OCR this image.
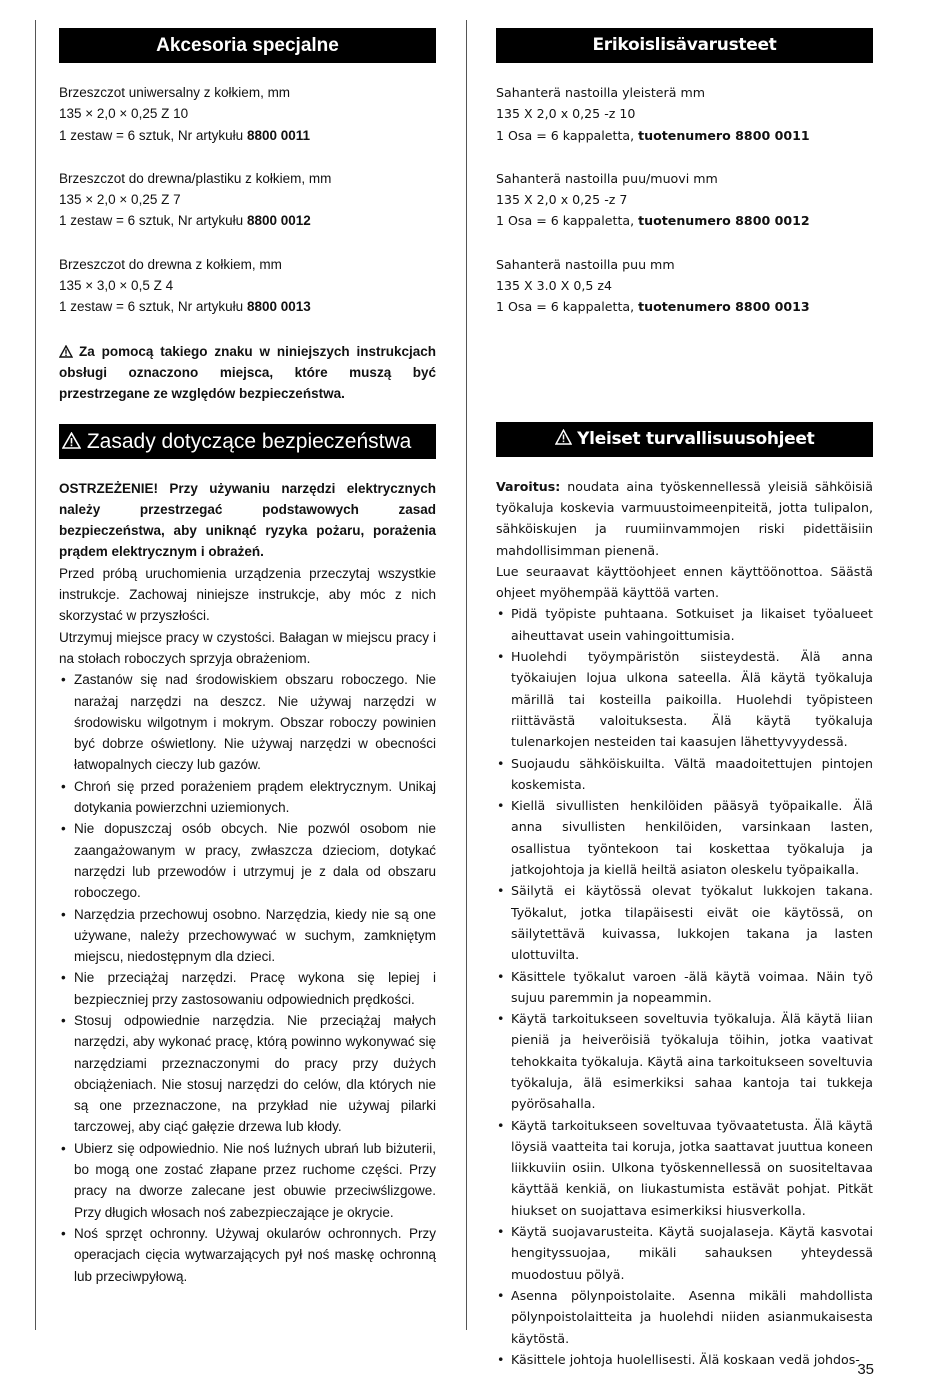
Akcesoria specjalne

Brzeszczot uniwersalny z kołkiem, mm

135 × 2,0 × 0,25 Z 10

1 zestaw = 6 sztuk, Nr artykułu 8800 0011

Brzeszczot do drewna/plastiku z kołkiem, mm

135 × 2,0 × 0,25 Z 7

1 zestaw = 6 sztuk, Nr artykułu 8800 0012

Brzeszczot do drewna z kołkiem, mm

135 × 3,0 × 0,5 Z 4

1 zestaw = 6 sztuk, Nr artykułu 8800 0013

Za pomocą takiego znaku w niniejszych instrukcjach obsługi oznaczono miejsca, które muszą być przestrzegane ze względów bezpieczeństwa.

Zasady dotyczące bezpieczeństwa

OSTRZEŻENIE! Przy używaniu narzędzi elektrycznych należy przestrzegać podstawowych zasad bezpieczeństwa, aby uniknąć ryzyka pożaru, porażenia prądem elektrycznym i obrażeń.

Przed próbą uruchomienia urządzenia przeczytaj wszystkie instrukcje. Zachowaj niniejsze instrukcje, aby móc z nich skorzystać w przyszłości.

Utrzymuj miejsce pracy w czystości. Bałagan w miejscu pracy i na stołach roboczych sprzyja obrażeniom.

• Zastanów się nad środowiskiem obszaru roboczego. Nie narażaj narzędzi na deszcz. Nie używaj narzędzi w środowisku wilgotnym i mokrym. Obszar roboczy powinien być dobrze oświetlony. Nie używaj narzędzi w obecności łatwopalnych cieczy lub gazów.
• Chroń się przed porażeniem prądem elektrycznym. Unikaj dotykania powierzchni uziemionych.
• Nie dopuszczaj osób obcych. Nie pozwól osobom nie zaangażowanym w pracy, zwłaszcza dzieciom, dotykać narzędzi lub przewodów i utrzymuj je z dala od obszaru roboczego.
• Narzędzia przechowuj osobno. Narzędzia, kiedy nie są one używane, należy przechowywać w suchym, zamkniętym miejscu, niedostępnym dla dzieci.
• Nie przeciążaj narzędzi. Pracę wykona się lepiej i bezpieczniej przy zastosowaniu odpowiednich prędkości.
• Stosuj odpowiednie narzędzia. Nie przeciążaj małych narzędzi, aby wykonać pracę, którą powinno wykonywać się narzędziami przeznaczonymi do pracy przy dużych obciążeniach. Nie stosuj narzędzi do celów, dla których nie są one przeznaczone, na przykład nie używaj pilarki tarczowej, aby ciąć gałęzie drzewa lub kłody.
• Ubierz się odpowiednio. Nie noś luźnych ubrań lub biżuterii, bo mogą one zostać złapane przez ruchome części. Przy pracy na dworze zalecane jest obuwie przeciwślizgowe. Przy długich włosach noś zabezpieczające je okrycie.
• Noś sprzęt ochronny. Używaj okularów ochronnych. Przy operacjach cięcia wytwarzających pył noś maskę ochronną lub przeciwpyłową.
Erikoislisävarusteet

Sahanterä nastoilla yleisterä mm

135 X 2,0 x 0,25 -z 10

1 Osa = 6 kappaletta, tuotenumero 8800 0011

Sahanterä nastoilla puu/muovi mm

135 X 2,0 x 0,25 -z 7

1 Osa = 6 kappaletta, tuotenumero 8800 0012

Sahanterä nastoilla puu mm

135 X 3.0 X 0,5 z4

1 Osa = 6 kappaletta, tuotenumero 8800 0013

Yleiset turvallisuusohjeet

Varoitus: noudata aina työskennellessä yleisiä sähköisiä työkaluja koskevia varmuustoimeenpiteitä, jotta tulipalon, sähköiskujen ja ruumiinvammojen riski pidettäisiin mahdollisimman pienenä.

Lue seuraavat käyttöohjeet ennen käyttöönottoa. Säästä ohjeet myöhempää käyttöä varten.

• Pidä työpiste puhtaana. Sotkuiset ja likaiset työalueet aiheuttavat usein vahingoittumisia.
• Huolehdi työympäristön siisteydestä. Älä anna työkaiujen lojua ulkona sateella. Älä käytä työkaluja märillä tai kosteilla paikoilla. Huolehdi työpisteen riittävästä valoituksesta. Älä käytä työkaluja tulenarkojen nesteiden tai kaasujen lähettyvyydessä.
• Suojaudu sähköiskuilta. Vältä maadoitettujen pintojen koskemista.
• Kiellä sivullisten henkilöiden pääsyä työpaikalle. Älä anna sivullisten henkilöiden, varsinkaan lasten, osallistua työntekoon tai koskettaa työkaluja ja jatkojohtoja ja kiellä heiltä asiaton oleskelu työpaikalla.
• Säilytä ei käytössä olevat työkalut lukkojen takana. Työkalut, jotka tilapäisesti eivät oie käytössä, on säilytettävä kuivassa, lukkojen takana ja lasten ulottuvilta.
• Käsittele työkalut varoen -älä käytä voimaa. Näin työ sujuu paremmin ja nopeammin.
• Käytä tarkoitukseen soveltuvia työkaluja. Älä käytä liian pieniä ja heiveröisiä työkaluja töihin, jotka vaativat tehokkaita työkaluja. Käytä aina tarkoitukseen soveltuvia työkaluja, älä esimerkiksi sahaa kantoja tai tukkeja pyörösahalla.
• Käytä tarkoitukseen soveltuvaa työvaatetusta. Älä käytä löysiä vaatteita tai koruja, jotka saattavat juuttua koneen liikkuviin osiin. Ulkona työskennellessä on suositeltavaa käyttää kenkiä, on liukastumista estävät pohjat. Pitkät hiukset on suojattava esimerkiksi hiusverkolla.
• Käytä suojavarusteita. Käytä suojalaseja. Käytä kasvotai hengityssuojaa, mikäli sahauksen yhteydessä muodostuu pölyä.
• Asenna pölynpoistolaite. Asenna mikäli mahdollista pölynpoistolaitteita ja huolehdi niiden asianmukaisesta käytöstä.
• Käsittele johtoja huolellisesti. Älä koskaan vedä johdos-
35
